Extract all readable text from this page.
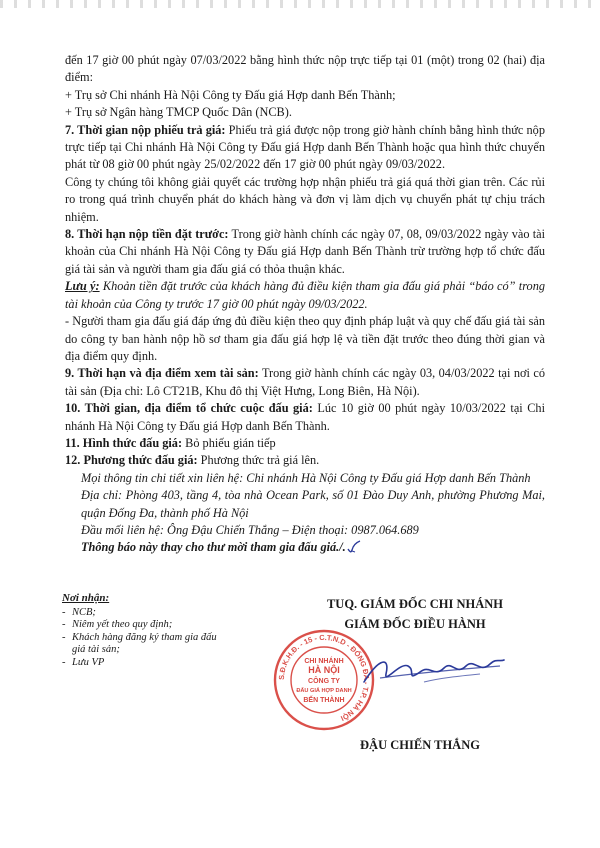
đến 17 giờ 00 phút ngày 07/03/2022 bằng hình thức nộp trực tiếp tại 01 (một) trong 02 (hai) địa điểm:

+ Trụ sở Chi nhánh Hà Nội Công ty Đấu giá Hợp danh Bến Thành;

+ Trụ sở Ngân hàng TMCP Quốc Dân (NCB).

7. Thời gian nộp phiếu trả giá: Phiếu trả giá được nộp trong giờ hành chính bằng hình thức nộp trực tiếp tại Chi nhánh Hà Nội Công ty Đấu giá Hợp danh Bến Thành hoặc qua hình thức chuyển phát từ 08 giờ 00 phút ngày 25/02/2022 đến 17 giờ 00 phút ngày 09/03/2022.

Công ty chúng tôi không giải quyết các trường hợp nhận phiếu trả giá quá thời gian trên. Các rủi ro trong quá trình chuyển phát do khách hàng và đơn vị làm dịch vụ chuyển phát tự chịu trách nhiệm.

8. Thời hạn nộp tiền đặt trước: Trong giờ hành chính các ngày 07, 08, 09/03/2022 ngày vào tài khoản của Chi nhánh Hà Nội Công ty Đấu giá Hợp danh Bến Thành trừ trường hợp tổ chức đấu giá tài sản và người tham gia đấu giá có thỏa thuận khác.

Lưu ý: Khoản tiền đặt trước của khách hàng đủ điều kiện tham gia đấu giá phải “báo có” trong tài khoản của Công ty trước 17 giờ 00 phút ngày 09/03/2022.

- Người tham gia đấu giá đáp ứng đủ điều kiện theo quy định pháp luật và quy chế đấu giá tài sản do công ty ban hành nộp hồ sơ tham gia đấu giá hợp lệ và tiền đặt trước theo đúng thời gian và địa điểm quy định.

9. Thời hạn và địa điểm xem tài sản: Trong giờ hành chính các ngày 03, 04/03/2022 tại nơi có tài sản (Địa chỉ: Lô CT21B, Khu đô thị Việt Hưng, Long Biên, Hà Nội).

10. Thời gian, địa điểm tổ chức cuộc đấu giá: Lúc 10 giờ 00 phút ngày 10/03/2022 tại Chi nhánh Hà Nội Công ty Đấu giá Hợp danh Bến Thành.

11. Hình thức đấu giá: Bỏ phiếu gián tiếp

12. Phương thức đấu giá: Phương thức trả giá lên.

Mọi thông tin chi tiết xin liên hệ: Chi nhánh Hà Nội Công ty Đấu giá Hợp danh Bến Thành

Địa chỉ: Phòng 403, tầng 4, tòa nhà Ocean Park, số 01 Đào Duy Anh, phường Phương Mai, quận Đống Đa, thành phố Hà Nội

Đầu mối liên hệ: Ông Đậu Chiến Thắng – Điện thoại: 0987.064.689

Thông báo này thay cho thư mời tham gia đấu giá./.

Nơi nhận:
- NCB;
- Niêm yết theo quy định;
- Khách hàng đăng ký tham gia đấu giá tài sản;
- Lưu VP
TUQ. GIÁM ĐỐC CHI NHÁNH
GIÁM ĐỐC ĐIỀU HÀNH
S.Đ.K.H.Đ. - 15 - C.T.N.D - ĐỐNG ĐA - T.P. HÀ NỘI
CHI NHÁNH
HÀ NỘI
CÔNG TY
ĐẤU GIÁ HỢP DANH
BẾN THÀNH
ĐẬU CHIẾN THẮNG
